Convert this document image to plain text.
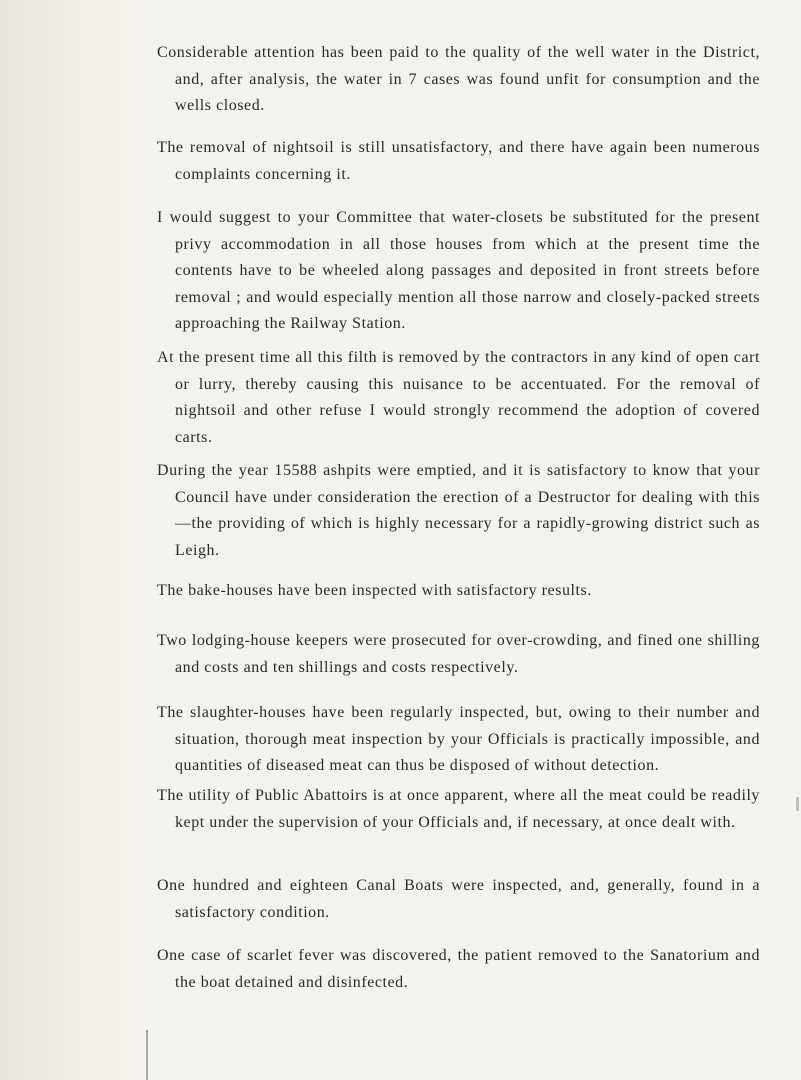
Considerable attention has been paid to the quality of the well water in the District, and, after analysis, the water in 7 cases was found unfit for consumption and the wells closed.

The removal of nightsoil is still unsatisfactory, and there have again been numerous complaints concerning it.

I would suggest to your Committee that water-closets be substituted for the present privy accommodation in all those houses from which at the present time the contents have to be wheeled along passages and deposited in front streets before removal ; and would especially mention all those narrow and closely-packed streets approaching the Railway Station.

At the present time all this filth is removed by the contractors in any kind of open cart or lurry, thereby causing this nuisance to be accentuated. For the removal of nightsoil and other refuse I would strongly recommend the adoption of covered carts.

During the year 15588 ashpits were emptied, and it is satisfactory to know that your Council have under consideration the erection of a Destructor for dealing with this—the providing of which is highly necessary for a rapidly-growing district such as Leigh.

The bake-houses have been inspected with satisfactory results.

Two lodging-house keepers were prosecuted for over-crowding, and fined one shilling and costs and ten shillings and costs respectively.

The slaughter-houses have been regularly inspected, but, owing to their number and situation, thorough meat inspection by your Officials is practically impossible, and quantities of diseased meat can thus be disposed of without detection.

The utility of Public Abattoirs is at once apparent, where all the meat could be readily kept under the supervision of your Officials and, if necessary, at once dealt with.

One hundred and eighteen Canal Boats were inspected, and, generally, found in a satisfactory condition.

One case of scarlet fever was discovered, the patient removed to the Sanatorium and the boat detained and disinfected.
